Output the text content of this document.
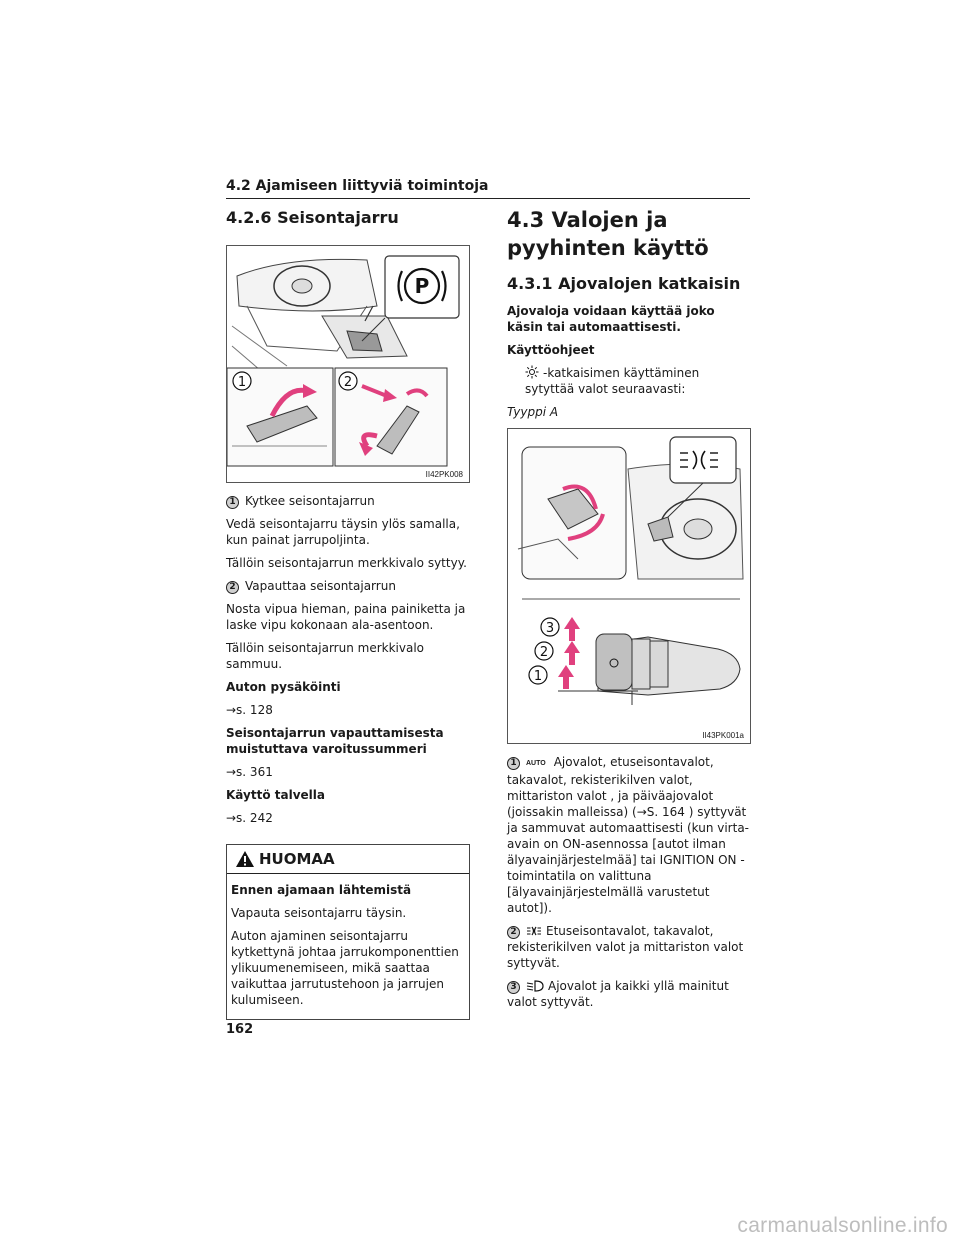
4.2 Ajamiseen liittyviä toimintoja
4.2.6 Seisontajarru
P
1	2
II42PK008

1 Kytkee seisontajarrun

Vedä seisontajarru täysin ylös samalla, kun painat jarrupoljinta.

Tällöin seisontajarrun merkkivalo syttyy.

2 Vapauttaa seisontajarrun

Nosta vipua hieman, paina painiketta ja laske vipu kokonaan ala-asentoon.

Tällöin seisontajarrun merkkivalo sammuu.

Auton pysäköinti

→s. 128

Seisontajarrun vapauttamisesta muistuttava varoitussummeri

→s. 361

Käyttö talvella

→s. 242

HUOMAA

Ennen ajamaan lähtemistä

Vapauta seisontajarru täysin.

Auton ajaminen seisontajarru kytkettynä johtaa jarrukomponenttien ylikuumenemiseen, mikä saattaa vaikuttaa jarrutustehoon ja jarrujen kulumiseen.

4.3 Valojen ja pyyhinten käyttö
4.3.1 Ajovalojen katkaisin

Ajovaloja voidaan käyttää joko käsin tai automaattisesti.

Käyttöohjeet

-katkaisimen käyttäminen sytyttää valot seuraavasti:

Tyyppi A

3
2
1
II43PK001a

1 AUTO Ajovalot, etuseisontavalot, takavalot, rekisterikilven valot, mittariston valot , ja päiväajovalot (joissakin malleissa) (→S. 164 ) syttyvät ja sammuvat automaattisesti (kun virta-avain on ON-asennossa [autot ilman älyavainjärjestelmää] tai IGNITION ON -toimintatila on valittuna [älyavainjärjestelmällä varustetut autot]).

2 Etuseisontavalot, takavalot, rekisterikilven valot ja mittariston valot syttyvät.

3	Ajovalot ja kaikki yllä mainitut valot syttyvät.

162
carmanualsonline.info
